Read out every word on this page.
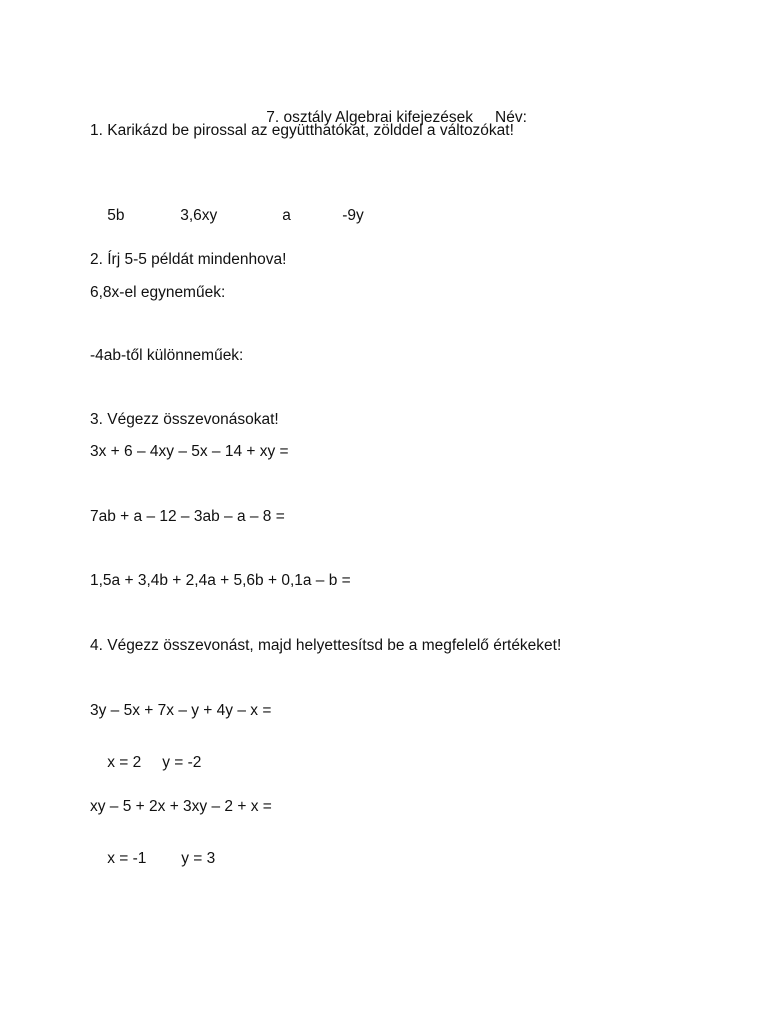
7. osztály Algebrai kifejezések Név:

1. Karikázd be pirossal az együtthatókat, zölddel a változókat!

5b	3,6xy	a	-9y

2. Írj 5-5 példát mindenhova!
6,8x-el egyneműek:
-4ab-től különneműek:
3. Végezz összevonásokat!
3x + 6 – 4xy – 5x – 14 + xy =
7ab + a – 12 – 3ab – a – 8 =
1,5a + 3,4b + 2,4a + 5,6b + 0,1a – b =
4. Végezz összevonást, majd helyettesítsd be a megfelelő értékeket!
3y – 5x + 7x – y + 4y – x =

x = 2 y = -2

xy – 5 + 2x + 3xy – 2 + x =

x = -1 y = 3
